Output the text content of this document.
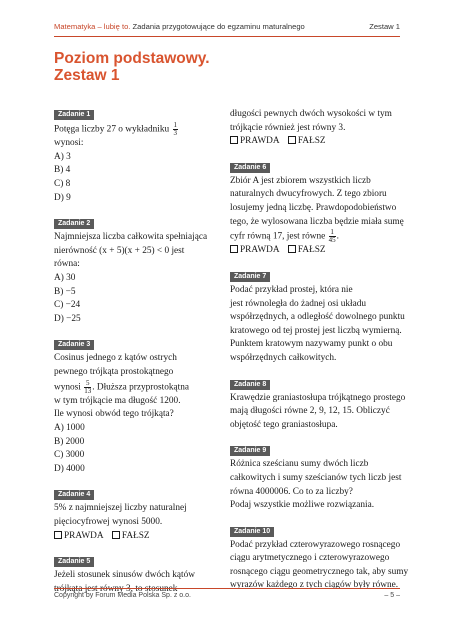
Matematyka – lubię to. Zadania przygotowujące do egzaminu maturalnego	Zestaw 1
Poziom podstawowy.
Zestaw 1
Zadanie 1
Potęga liczby 27 o wykładniku $\frac{1}{3}$
wynosi:
A) 3
B) 4
C) 8
D) 9
Zadanie 2
Najmniejsza liczba całkowita spełniająca
nierówność (x + 5)(x + 25) < 0 jest
równa:
A) 30
B) −5
C) −24
D) −25
Zadanie 3
Cosinus jednego z kątów ostrych
pewnego trójkąta prostokątnego
wynosi $\frac{5}{13}$ . Dłuższa przyprostokątna
w tym trójkącie ma długość 1200.
Ile wynosi obwód tego trójkąta?
A) 1000
B) 2000
C) 3000
D) 4000
Zadanie 4
5% z najmniejszej liczby naturalnej
pięciocyfrowej wynosi 5000.
PRAWDA FAŁSZ
Zadanie 5
Jeżeli stosunek sinusów dwóch kątów
trójkąta jest równy 3, to stosunek
długości pewnych dwóch wysokości w tym
trójkącie również jest równy 3.
PRAWDA FAŁSZ
Zadanie 6
Zbiór A jest zbiorem wszystkich liczb
naturalnych dwucyfrowych. Z tego zbioru
losujemy jedną liczbę. Prawdopodobieństwo
tego, że wylosowana liczba będzie miała sumę
cyfr równą 17, jest równe $\frac{1}{45}$ .
PRAWDA FAŁSZ
Zadanie 7
Podać przykład prostej, która nie
jest równoległa do żadnej osi układu
współrzędnych, a odległość dowolnego punktu
kratowego od tej prostej jest liczbą wymierną.
Punktem kratowym nazywamy punkt o obu
współrzędnych całkowitych.
Zadanie 8
Krawędzie graniastosłupa trójkątnego prostego
mają długości równe 2, 9, 12, 15. Obliczyć
objętość tego graniastosłupa.
Zadanie 9
Różnica sześcianu sumy dwóch liczb
całkowitych i sumy sześcianów tych liczb jest
równa 4000006. Co to za liczby?
Podaj wszystkie możliwe rozwiązania.
Zadanie 10
Podać przykład czterowyrazowego rosnącego
ciągu arytmetycznego i czterowyrazowego
rosnącego ciągu geometrycznego tak, aby sumy
wyrazów każdego z tych ciągów były równe.
Copyright by Forum Media Polska Sp. z o.o.	– 5 –
